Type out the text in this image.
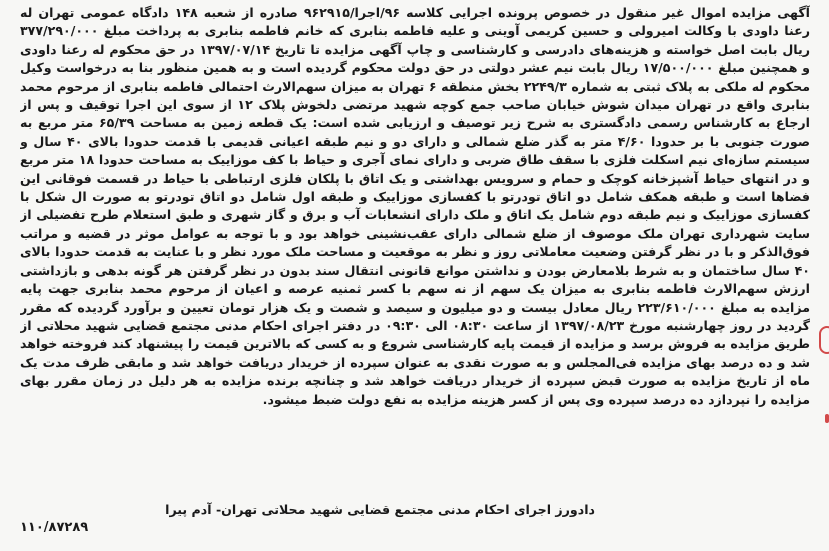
آگهی مزایده اموال غیر منقول در خصوص پرونده اجرایی کلاسه ۹۶/اجرا/۹۶۲۹۱۵ صادره از شعبه ۱۴۸ دادگاه عمومی تهران له رعنا داودی با وکالت امیرولی و حسین کریمی آوینی و علیه فاطمه بنابری که خانم فاطمه بنابری به پرداخت مبلغ ۳۷۷/۲۹۰/۰۰۰ ریال بابت اصل خواسته و هزینه‌های دادرسی و کارشناسی و چاپ آگهی مزایده تا تاریخ ۱۳۹۷/۰۷/۱۴ در حق محکوم له رعنا داودی و همچنین مبلغ ۱۷/۵۰۰/۰۰۰ ریال بابت نیم عشر دولتی در حق دولت محکوم گردیده است و به همین منظور بنا به درخواست وکیل محکوم له ملکی به پلاک ثبتی به شماره ۲۲۴۹/۳ بخش منطقه ۶ تهران به میزان سهم‌الارث احتمالی فاطمه بنابری از مرحوم محمد بنابری واقع در تهران میدان شوش خیابان صاحب جمع کوچه شهید مرتضی دلخوش پلاک ۱۲ از سوی این اجرا توقیف و پس از ارجاع به کارشناس رسمی دادگستری به شرح زیر توصیف و ارزیابی شده است: یک قطعه زمین به مساحت ۶۵/۳۹ متر مربع به صورت جنوبی با بر حدودا ۴/۶۰ متر به گذر ضلع شمالی و دارای دو و نیم طبقه اعیانی قدیمی با قدمت حدودا بالای ۴۰ سال و سیستم سازه‌ای نیم اسکلت فلزی با سقف طاق ضربی و دارای نمای آجری و حیاط با کف موزاییک به مساحت حدودا ۱۸ متر مربع و در انتهای حیاط آشپزخانه کوچک و حمام و سرویس بهداشتی و یک اتاق با پلکان فلزی ارتباطی با حیاط در قسمت فوقانی این فضاها است و طبقه همکف شامل دو اتاق تودرتو با کفسازی موزاییک و طبقه اول شامل دو اتاق تودرتو به صورت ال شکل با کفسازی موزاییک و نیم طبقه دوم شامل یک اتاق و ملک دارای انشعابات آب و برق و گاز شهری و طبق استعلام طرح تفضیلی از سایت شهرداری تهران ملک موصوف از ضلع شمالی دارای عقب‌نشینی خواهد بود و با توجه به عوامل موثر در قضیه و مراتب فوق‌الذکر و با در نظر گرفتن وضعیت معاملاتی روز و نظر به موقعیت و مساحت ملک مورد نظر و با عنایت به قدمت حدودا بالای ۴۰ سال ساختمان و به شرط بلامعارض بودن و نداشتن موانع قانونی انتقال سند بدون در نظر گرفتن هر گونه بدهی و بازداشتی ارزش سهم‌الارث فاطمه بنابری به میزان یک سهم از نه سهم با کسر ثمنیه عرصه و اعیان از مرحوم محمد بنابری جهت پایه مزایده به مبلغ ۲۲۳/۶۱۰/۰۰۰ ریال معادل بیست و دو میلیون و سیصد و شصت و یک هزار تومان تعیین و برآورد گردیده که مقرر گردید در روز چهارشنبه مورخ ۱۳۹۷/۰۸/۲۳ از ساعت ۰۸:۳۰ الی ۰۹:۳۰ در دفتر اجرای احکام مدنی مجتمع قضایی شهید محلاتی از طریق مزایده به فروش برسد و مزایده از قیمت پایه کارشناسی شروع و به کسی که بالاترین قیمت را پیشنهاد کند فروخته خواهد شد و ده درصد بهای مزایده فی‌المجلس و به صورت نقدی به عنوان سپرده از خریدار دریافت خواهد شد و مابقی ظرف مدت یک ماه از تاریخ مزایده به صورت قبض سپرده از خریدار دریافت خواهد شد و چنانچه برنده مزایده به هر دلیل در زمان مقرر بهای مزایده را نپردازد ده درصد سپرده وی پس از کسر هزینه مزایده به نفع دولت ضبط میشود.

دادورز اجرای احکام مدنی مجتمع قضایی شهید محلاتی تهران- آدم پیرا
۱۱۰/۸۷۲۸۹
